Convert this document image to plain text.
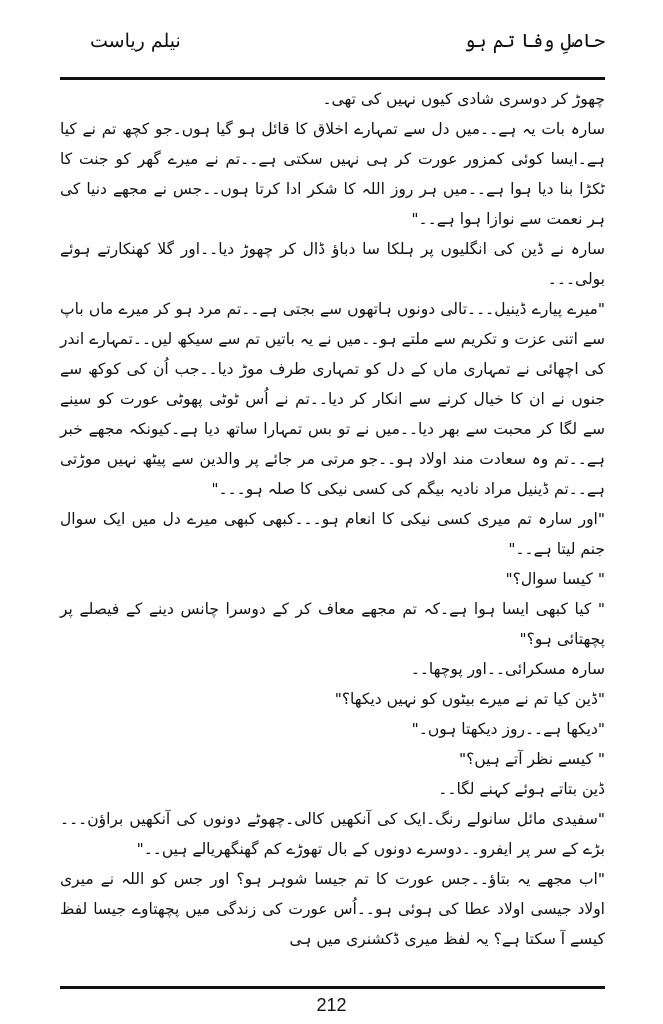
حاصلِ وفا تم ہو
نیلم ریاست

چھوڑ کر دوسری شادی کیوں نہیں کی تھی۔

سارہ بات یہ ہے۔۔میں دل سے تمہارے اخلاق کا قائل ہو گیا ہوں۔جو کچھ تم نے کیا ہے۔ایسا کوئی کمزور عورت کر ہی نہیں سکتی ہے۔۔تم نے میرے گھر کو جنت کا ٹکڑا بنا دیا ہوا ہے۔۔میں ہر روز اللہ کا شکر ادا کرتا ہوں۔۔جس نے مجھے دنیا کی ہر نعمت سے نوازا ہوا ہے۔۔"

سارہ نے ڈین کی انگلیوں پر ہلکا سا دباؤ ڈال کر چھوڑ دیا۔۔اور گلا کھنکارتے ہوئے بولی۔۔۔

"میرے پیارے ڈینیل۔۔۔تالی دونوں ہاتھوں سے بجتی ہے۔۔تم مرد ہو کر میرے ماں باپ سے اتنی عزت و تکریم سے ملتے ہو۔۔میں نے یہ باتیں تم سے سیکھ لیں۔۔تمہارے اندر کی اچھائی نے تمہاری ماں کے دل کو تمہاری طرف موڑ دیا۔۔جب اُن کی کوکھ سے جنوں نے ان کا خیال کرنے سے انکار کر دیا۔۔تم نے اُس ٹوٹی پھوٹی عورت کو سینے سے لگا کر محبت سے بھر دیا۔۔میں نے تو بس تمہارا ساتھ دیا ہے۔کیونکہ مجھے خبر ہے۔۔تم وہ سعادت مند اولاد ہو۔۔جو مرتی مر جائے پر والدین سے پیٹھ نہیں موڑتی ہے۔۔تم ڈینیل مراد نادیہ بیگم کی کسی نیکی کا صلہ ہو۔۔۔"

"اور سارہ تم میری کسی نیکی کا انعام ہو۔۔۔کبھی کبھی میرے دل میں ایک سوال جنم لیتا ہے۔۔"

" کیسا سوال؟"

" کیا کبھی ایسا ہوا ہے۔کہ تم مجھے معاف کر کے دوسرا چانس دینے کے فیصلے پر پچھتائی ہو؟"

سارہ مسکرائی۔۔اور پوچھا۔۔

"ڈین کیا تم نے میرے بیٹوں کو نہیں دیکھا؟"

"دیکھا ہے۔۔روز دیکھتا ہوں۔"

" کیسے نظر آتے ہیں؟"

ڈین بتاتے ہوئے کہنے لگا۔۔

"سفیدی مائل سانولے رنگ۔ایک کی آنکھیں کالی۔چھوٹے دونوں کی آنکھیں براؤن۔۔۔بڑے کے سر پر ایفرو۔۔دوسرے دونوں کے بال تھوڑے کم گھنگھریالے ہیں۔۔"

"اب مجھے یہ بتاؤ۔۔جس عورت کا تم جیسا شوہر ہو؟ اور جس کو اللہ نے میری اولاد جیسی اولاد عطا کی ہوئی ہو۔۔اُس عورت کی زندگی میں پچھتاوے جیسا لفظ کیسے آ سکتا ہے؟ یہ لفظ میری ڈکشنری میں ہی

212
